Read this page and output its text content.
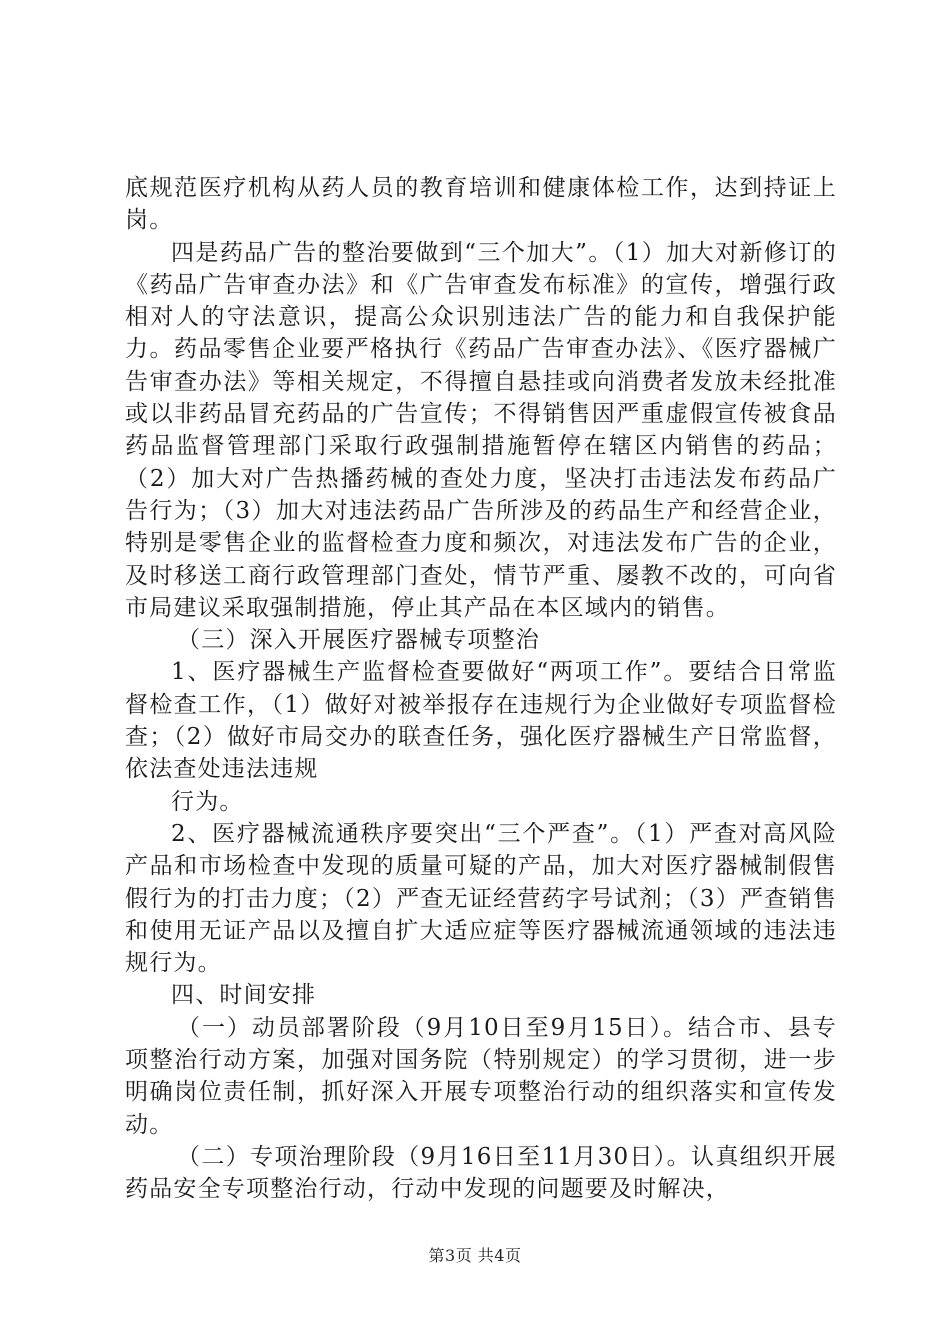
底规范医疗机构从药人员的教育培训和健康体检工作，达到持证上岗。

四是药品广告的整治要做到“三个加大”。（1）加大对新修订的《药品广告审查办法》和《广告审查发布标准》的宣传，增强行政相对人的守法意识，提高公众识别违法广告的能力和自我保护能力。药品零售企业要严格执行《药品广告审查办法》、《医疗器械广告审查办法》等相关规定，不得擅自悬挂或向消费者发放未经批准或以非药品冒充药品的广告宣传；不得销售因严重虚假宣传被食品药品监督管理部门采取行政强制措施暂停在辖区内销售的药品；（2）加大对广告热播药械的查处力度，坚决打击违法发布药品广告行为；（3）加大对违法药品广告所涉及的药品生产和经营企业，特别是零售企业的监督检查力度和频次，对违法发布广告的企业，及时移送工商行政管理部门查处，情节严重、屡教不改的，可向省市局建议采取强制措施，停止其产品在本区域内的销售。

（三）深入开展医疗器械专项整治

1、医疗器械生产监督检查要做好“两项工作”。要结合日常监督检查工作，（1）做好对被举报存在违规行为企业做好专项监督检查；（2）做好市局交办的联查任务，强化医疗器械生产日常监督，依法查处违法违规

行为。

2、医疗器械流通秩序要突出“三个严查”。（1）严查对高风险产品和市场检查中发现的质量可疑的产品，加大对医疗器械制假售假行为的打击力度；（2）严查无证经营药字号试剂；（3）严查销售和使用无证产品以及擅自扩大适应症等医疗器械流通领域的违法违规行为。

四、时间安排

（一）动员部署阶段（9月10日至9月15日）。结合市、县专项整治行动方案，加强对国务院（特别规定）的学习贯彻，进一步明确岗位责任制，抓好深入开展专项整治行动的组织落实和宣传发动。

（二）专项治理阶段（9月16日至11月30日）。认真组织开展药品安全专项整治行动，行动中发现的问题要及时解决，

第3页 共4页
